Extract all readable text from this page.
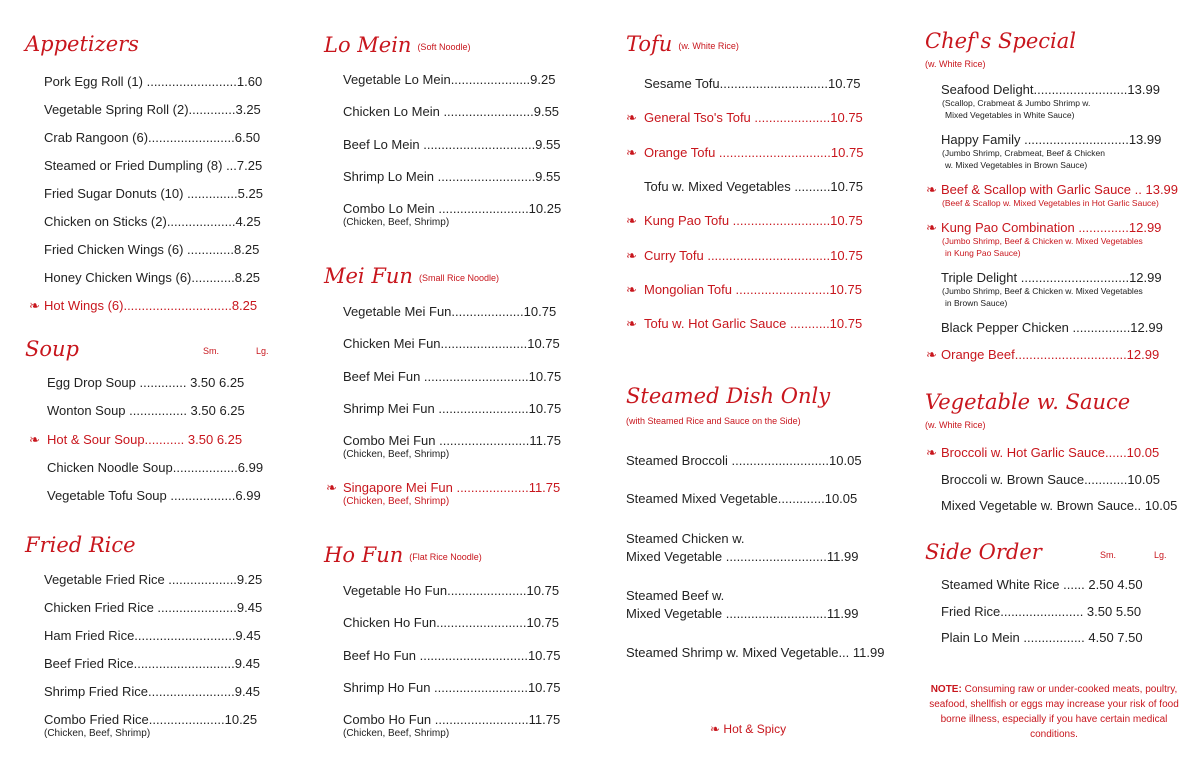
Appetizers
Pork Egg Roll (1) .........................1.60
Vegetable Spring Roll (2).............3.25
Crab Rangoon (6)........................6.50
Steamed or Fried Dumpling (8) ...7.25
Fried Sugar Donuts (10) ..............5.25
Chicken on Sticks (2)...................4.25
Fried Chicken Wings (6) .............8.25
Honey Chicken Wings (6)............8.25
❧ Hot Wings (6)..............................8.25
Soup	Sm.	Lg.
Egg Drop Soup ............. 3.50 6.25
Wonton Soup ................ 3.50 6.25
❧ Hot & Sour Soup........... 3.50 6.25
Chicken Noodle Soup..................6.99
Vegetable Tofu Soup ..................6.99
Fried Rice
Vegetable Fried Rice ...................9.25
Chicken Fried Rice ......................9.45
Ham Fried Rice............................9.45
Beef Fried Rice............................9.45
Shrimp Fried Rice........................9.45
Combo Fried Rice.....................10.25
(Chicken, Beef, Shrimp)
Lo Mein $^{(Soft Noodle)}$
Vegetable Lo Mein......................9.25
Chicken Lo Mein .........................9.55
Beef Lo Mein ...............................9.55
Shrimp Lo Mein ...........................9.55
Combo Lo Mein .........................10.25
(Chicken, Beef, Shrimp)
Mei Fun $^{(Small Rice Noodle)}$
Vegetable Mei Fun....................10.75
Chicken Mei Fun........................10.75
Beef Mei Fun .............................10.75
Shrimp Mei Fun .........................10.75
Combo Mei Fun .........................11.75
(Chicken, Beef, Shrimp)
❧ Singapore Mei Fun ....................11.75
(Chicken, Beef, Shrimp)
Ho Fun $^{(Flat Rice Noodle)}$
Vegetable Ho Fun......................10.75
Chicken Ho Fun.........................10.75
Beef Ho Fun ..............................10.75
Shrimp Ho Fun ..........................10.75
Combo Ho Fun ..........................11.75
(Chicken, Beef, Shrimp)
Tofu $^{(w. White Rice)}$
Sesame Tofu..............................10.75
❧ General Tso's Tofu .....................10.75
❧ Orange Tofu ...............................10.75
Tofu w. Mixed Vegetables ..........10.75
❧ Kung Pao Tofu ...........................10.75
❧ Curry Tofu ..................................10.75
❧ Mongolian Tofu ..........................10.75
❧ Tofu w. Hot Garlic Sauce ...........10.75
Steamed Dish Only
(with Steamed Rice and Sauce on the Side)
Steamed Broccoli ...........................10.05
Steamed Mixed Vegetable.............10.05
Steamed Chicken w.
Mixed Vegetable ............................11.99
Steamed Beef w.
Mixed Vegetable ............................11.99
Steamed Shrimp w. Mixed Vegetable... 11.99
❧ Hot & Spicy
Chef's Special
(w. White Rice)
Seafood Delight..........................13.99
(Scallop, Crabmeat & Jumbo Shrimp w.
Mixed Vegetables in White Sauce)
Happy Family .............................13.99
(Jumbo Shrimp, Crabmeat, Beef & Chicken
w. Mixed Vegetables in Brown Sauce)
❧ Beef & Scallop with Garlic Sauce .. 13.99
(Beef & Scallop w. Mixed Vegetables in Hot Garlic Sauce)
❧ Kung Pao Combination ..............12.99
(Jumbo Shrimp, Beef & Chicken w. Mixed Vegetables
in Kung Pao Sauce)
Triple Delight ..............................12.99
(Jumbo Shrimp, Beef & Chicken w. Mixed Vegetables
in Brown Sauce)
Black Pepper Chicken ................12.99
❧ Orange Beef...............................12.99
Vegetable w. Sauce
(w. White Rice)
❧ Broccoli w. Hot Garlic Sauce......10.05
Broccoli w. Brown Sauce............10.05
Mixed Vegetable w. Brown Sauce.. 10.05
Side Order	Sm.	Lg.
Steamed White Rice ...... 2.50 4.50
Fried Rice....................... 3.50 5.50
Plain Lo Mein ................. 4.50 7.50
NOTE: Consuming raw or under-cooked meats, poultry, seafood, shellfish or eggs may increase your risk of food borne illness, especially if you have certain medical conditions.
